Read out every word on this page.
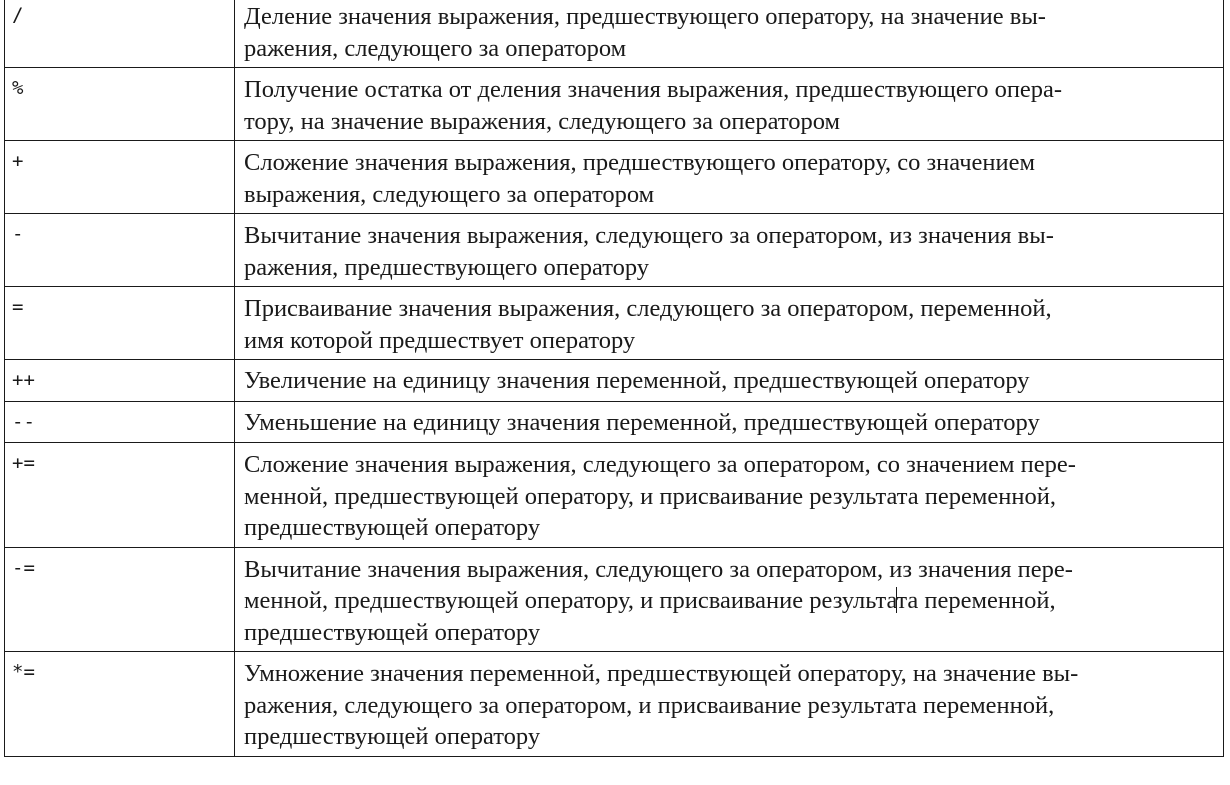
/	Деление значения выражения, предшествующего оператору, на значение вы-
ражения, следующего за оператором

%	Получение остатка от деления значения выражения, предшествующего опера-
тору, на значение выражения, следующего за оператором

+	Сложение значения выражения, предшествующего оператору, со значением
выражения, следующего за оператором

-	Вычитание значения выражения, следующего за оператором, из значения вы-
ражения, предшествующего оператору

=	Присваивание значения выражения, следующего за оператором, переменной,
имя которой предшествует оператору

++	Увеличение на единицу значения переменной, предшествующей оператору

--	Уменьшение на единицу значения переменной, предшествующей оператору

+=	Сложение значения выражения, следующего за оператором, со значением пере-
менной, предшествующей оператору, и присваивание результата переменной,
предшествующей оператору

-=	Вычитание значения выражения, следующего за оператором, из значения пере-
менной, предшествующей оператору, и присваивание результата переменной,
предшествующей оператору

*=	Умножение значения переменной, предшествующей оператору, на значение вы-
ражения, следующего за оператором, и присваивание результата переменной,
предшествующей оператору
